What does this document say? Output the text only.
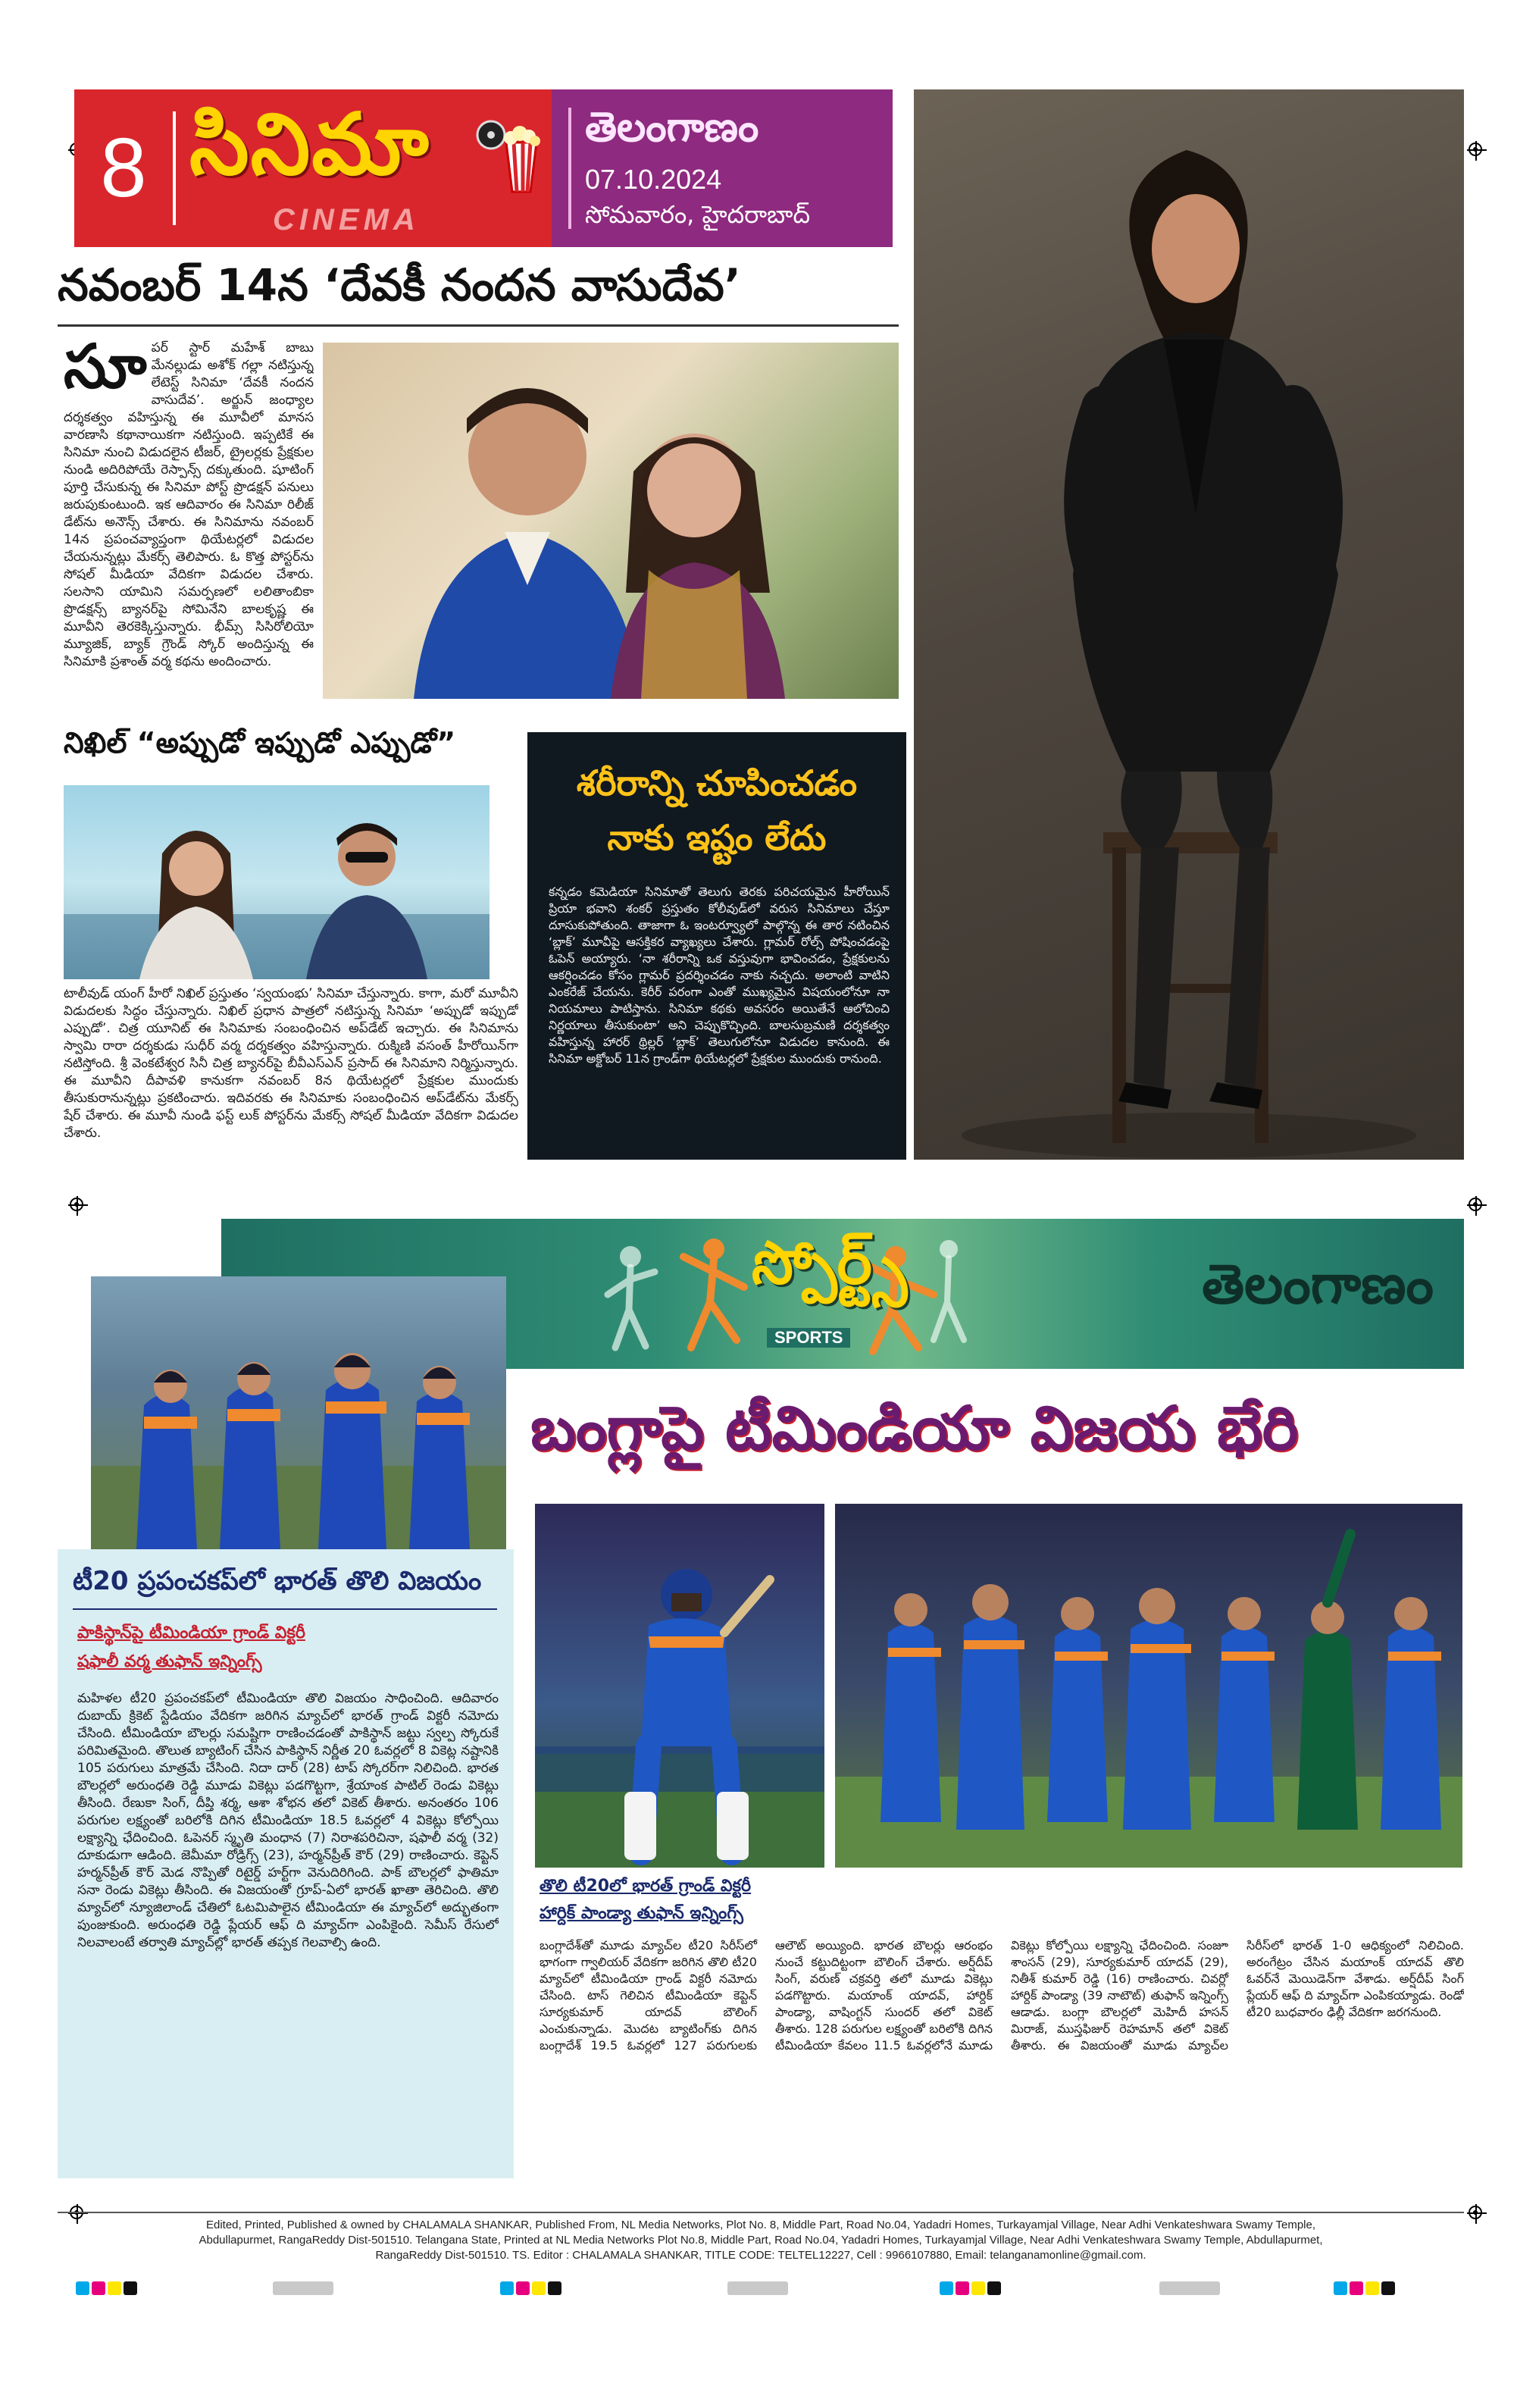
8 సినిమా
CINEMA
తెలంగాణం
07.10.2024
సోమవారం, హైదరాబాద్
నవంబర్ 14న ‘దేవకీ నందన వాసుదేవ’
సూ పర్ స్టార్ మహేశ్ బాబు మేనల్లుడు అశోక్ గల్లా నటిస్తున్న లేటెస్ట్ సినిమా ‘దేవకీ నందన వాసుదేవ’. అర్జున్ జంధ్యాల దర్శకత్వం వహిస్తున్న ఈ మూవీలో మానస వారణాసి కథానాయికగా నటిస్తుంది. ఇప్పటికే ఈ సినిమా నుంచి విడుదలైన టీజర్, ట్రైలర్లకు ప్రేక్షకుల నుండి అదిరిపోయే రెస్పాన్స్ దక్కుతుంది. షూటింగ్ పూర్తి చేసుకున్న ఈ సినిమా పోస్ట్ ప్రొడక్షన్ పనులు జరుపుకుంటుంది. ఇక ఆదివారం ఈ సినిమా రిలీజ్ డేట్‌ను అనౌన్స్ చేశారు. ఈ సినిమాను నవంబర్ 14న ప్రపంచవ్యాప్తంగా థియేటర్లలో విడుదల చేయనున్నట్లు మేకర్స్ తెలిపారు. ఓ కొత్త పోస్టర్‌ను సోషల్ మీడియా వేదికగా విడుదల చేశారు. సలసాని యామిని సమర్పణలో లలితాంబికా ప్రొడక్షన్స్ బ్యానర్‌పై సోమినేని బాలకృష్ణ ఈ మూవీని తెరకెక్కిస్తున్నారు. భీమ్స్ సిసిరోలియో మ్యూజిక్, బ్యాక్ గ్రౌండ్ స్కోర్ అందిస్తున్న ఈ సినిమాకి ప్రశాంత్ వర్మ కథను అందించారు.
నిఖిల్ “అప్పుడో ఇప్పుడో ఎప్పుడో”
టాలీవుడ్ యంగ్ హీరో నిఖిల్ ప్రస్తుతం ‘స్వయంభు’ సినిమా చేస్తున్నారు. కాగా, మరో మూవీని విడుదలకు సిద్ధం చేస్తున్నారు. నిఖిల్ ప్రధాన పాత్రలో నటిస్తున్న సినిమా ‘అప్పుడో ఇప్పుడో ఎప్పుడో’. చిత్ర యూనిట్ ఈ సినిమాకు సంబంధించిన అప్‌డేట్ ఇచ్చారు. ఈ సినిమాను స్వామి రారా దర్శకుడు సుధీర్ వర్మ దర్శకత్వం వహిస్తున్నారు. రుక్మిణి వసంత్ హీరోయిన్‌గా నటిస్తోంది. శ్రీ వెంకటేశ్వర సినీ చిత్ర బ్యానర్‌పై బీవీఎస్ఎన్ ప్రసాద్ ఈ సినిమాని నిర్మిస్తున్నారు. ఈ మూవీని దీపావళి కానుకగా నవంబర్ 8న థియేటర్లలో ప్రేక్షకుల ముందుకు తీసుకురానున్నట్లు ప్రకటించారు. ఇదివరకు ఈ సినిమాకు సంబంధించిన అప్‌డేట్‌ను మేకర్స్ షేర్ చేశారు. ఈ మూవీ నుండి ఫస్ట్ లుక్ పోస్టర్‌ను మేకర్స్ సోషల్ మీడియా వేదికగా విడుదల చేశారు.
శరీరాన్ని చూపించడం
నాకు ఇష్టం లేదు
కన్నడం కమెడియా సినిమాతో తెలుగు తెరకు పరిచయమైన హీరోయిన్ ప్రియా భవాని శంకర్ ప్రస్తుతం కోలీవుడ్‌లో వరుస సినిమాలు చేస్తూ దూసుకుపోతుంది. తాజాగా ఓ ఇంటర్వ్యూలో పాల్గొన్న ఈ తార నటించిన ‘బ్లాక్’ మూవీపై ఆసక్తికర వ్యాఖ్యలు చేశారు. గ్లామర్ రోల్స్ పోషించడంపై ఓపెన్ అయ్యారు. ‘నా శరీరాన్ని ఒక వస్తువుగా భావించడం, ప్రేక్షకులను ఆకర్షించడం కోసం గ్లామర్ ప్రదర్శించడం నాకు నచ్చదు. అలాంటి వాటిని ఎంకరేజ్ చేయను. కెరీర్ పరంగా ఎంతో ముఖ్యమైన విషయంలోనూ నా నియమాలు పాటిస్తాను. సినిమా కథకు అవసరం అయితేనే ఆలోచించి నిర్ణయాలు తీసుకుంటా’ అని చెప్పుకొచ్చింది. బాలసుబ్రమణి దర్శకత్వం వహిస్తున్న హారర్ థ్రిల్లర్ ‘బ్లాక్’ తెలుగులోనూ విడుదల కానుంది. ఈ సినిమా అక్టోబర్ 11న గ్రాండ్‌గా థియేటర్లలో ప్రేక్షకుల ముందుకు రానుంది.
స్పోర్ట్స్
SPORTS
తెలంగాణం
టీ20 ప్రపంచకప్‌లో భారత్ తొలి విజయం
పాకిస్థాన్‌పై టీమిండియా గ్రాండ్ విక్టరీ
షఫాలీ వర్మ తుఫాన్ ఇన్నింగ్స్
మహిళల టీ20 ప్రపంచకప్‌లో టీమిండియా తొలి విజయం సాధించింది. ఆదివారం దుబాయ్ క్రికెట్ స్టేడియం వేదికగా జరిగిన మ్యాచ్‌లో భారత్ గ్రాండ్ విక్టరీ నమోదు చేసింది. టీమిండియా బౌలర్లు సమష్టిగా రాణించడంతో పాకిస్థాన్ జట్టు స్వల్ప స్కోరుకే పరిమితమైంది. తొలుత బ్యాటింగ్ చేసిన పాకిస్థాన్ నిర్ణీత 20 ఓవర్లలో 8 వికెట్ల నష్టానికి 105 పరుగులు మాత్రమే చేసింది. నిదా దార్ (28) టాప్ స్కోరర్‌గా నిలిచింది. భారత బౌలర్లలో అరుంధతి రెడ్డి మూడు వికెట్లు పడగొట్టగా, శ్రేయాంక పాటిల్ రెండు వికెట్లు తీసింది. రేణుకా సింగ్, దీప్తి శర్మ, ఆశా శోభన తలో వికెట్ తీశారు. అనంతరం 106 పరుగుల లక్ష్యంతో బరిలోకి దిగిన టీమిండియా 18.5 ఓవర్లలో 4 వికెట్లు కోల్పోయి లక్ష్యాన్ని ఛేదించింది. ఓపెనర్ స్మృతి మంధాన (7) నిరాశపరిచినా, షఫాలీ వర్మ (32) దూకుడుగా ఆడింది. జెమీమా రోడ్రిగ్స్ (23), హర్మన్‌ప్రీత్ కౌర్ (29) రాణించారు. కెప్టెన్ హర్మన్‌ప్రీత్ కౌర్ మెడ నొప్పితో రిటైర్డ్ హర్ట్‌గా వెనుదిరిగింది. పాక్ బౌలర్లలో ఫాతిమా సనా రెండు వికెట్లు తీసింది. ఈ విజయంతో గ్రూప్-ఏలో భారత్ ఖాతా తెరిచింది. తొలి మ్యాచ్‌లో న్యూజిలాండ్ చేతిలో ఓటమిపాలైన టీమిండియా ఈ మ్యాచ్‌లో అద్భుతంగా పుంజుకుంది. అరుంధతి రెడ్డి ప్లేయర్ ఆఫ్ ది మ్యాచ్‌గా ఎంపికైంది. సెమీస్ రేసులో నిలవాలంటే తర్వాతి మ్యాచ్‌ల్లో భారత్ తప్పక గెలవాల్సి ఉంది.
బంగ్లాపై టీమిండియా విజయ భేరి
తొలి టీ20లో భారత్ గ్రాండ్ విక్టరీ
హార్దిక్ పాండ్యా తుఫాన్ ఇన్నింగ్స్
బంగ్లాదేశ్‌తో మూడు మ్యాచ్‌ల టీ20 సిరీస్‌లో భాగంగా గ్వాలియర్ వేదికగా జరిగిన తొలి టీ20 మ్యాచ్‌లో టీమిండియా గ్రాండ్ విక్టరీ నమోదు చేసింది. టాస్ గెలిచిన టీమిండియా కెప్టెన్ సూర్యకుమార్ యాదవ్ బౌలింగ్ ఎంచుకున్నాడు. మొదట బ్యాటింగ్‌కు దిగిన బంగ్లాదేశ్ 19.5 ఓవర్లలో 127 పరుగులకు ఆలౌట్ అయ్యింది. భారత బౌలర్లు ఆరంభం నుంచే కట్టుదిట్టంగా బౌలింగ్ చేశారు. అర్ష్‌దీప్ సింగ్, వరుణ్ చక్రవర్తి తలో మూడు వికెట్లు పడగొట్టారు. మయాంక్ యాదవ్, హార్దిక్ పాండ్యా, వాషింగ్టన్ సుందర్ తలో వికెట్ తీశారు. 128 పరుగుల లక్ష్యంతో బరిలోకి దిగిన టీమిండియా కేవలం 11.5 ఓవర్లలోనే మూడు వికెట్లు కోల్పోయి లక్ష్యాన్ని ఛేదించింది. సంజూ శాంసన్ (29), సూర్యకుమార్ యాదవ్ (29), నితీశ్ కుమార్ రెడ్డి (16) రాణించారు. చివర్లో హార్దిక్ పాండ్యా (39 నాటౌట్) తుఫాన్ ఇన్నింగ్స్ ఆడాడు. బంగ్లా బౌలర్లలో మెహిదీ హసన్ మిరాజ్, ముస్తఫిజుర్ రెహమాన్ తలో వికెట్ తీశారు. ఈ విజయంతో మూడు మ్యాచ్‌ల సిరీస్‌లో భారత్ 1-0 ఆధిక్యంలో నిలిచింది. అరంగేట్రం చేసిన మయాంక్ యాదవ్ తొలి ఓవర్‌నే మెయిడెన్‌గా వేశాడు. అర్ష్‌దీప్ సింగ్ ప్లేయర్ ఆఫ్ ది మ్యాచ్‌గా ఎంపికయ్యాడు. రెండో టీ20 బుధవారం ఢిల్లీ వేదికగా జరగనుంది.
Edited, Printed, Published & owned by CHALAMALA SHANKAR, Published From, NL Media Networks, Plot No. 8, Middle Part, Road No.04, Yadadri Homes, Turkayamjal Village, Near Adhi Venkateshwara Swamy Temple,
Abdullapurmet, RangaReddy Dist-501510. Telangana State, Printed at NL Media Networks Plot No.8, Middle Part, Road No.04, Yadadri Homes, Turkayamjal Village, Near Adhi Venkateshwara Swamy Temple, Abdullapurmet,
RangaReddy Dist-501510. TS. Editor : CHALAMALA SHANKAR, TITLE CODE: TELTEL12227, Cell : 9966107880, Email: telanganamonline@gmail.com.
